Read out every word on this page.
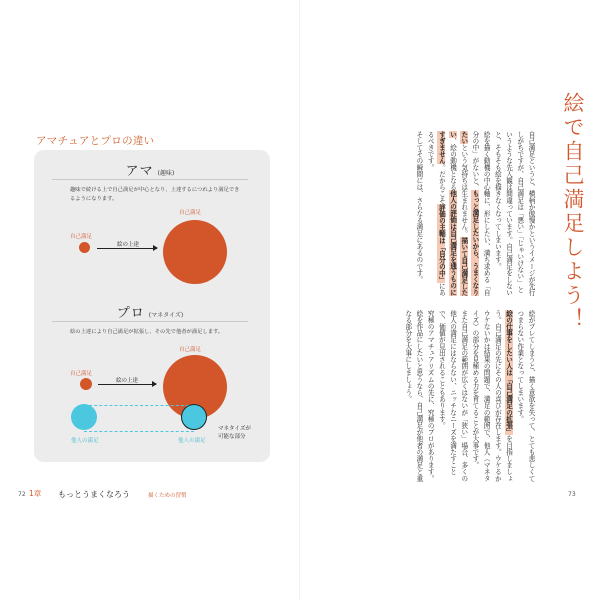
アマチュアとプロの違い
アマ (趣味)
趣味で続ける上で自己満足が中心となり、上達するにつれより満足できるようになります。
自己満足
絵の上達
自己満足
プロ (マネタイズ)
絵の上達により自己満足が拡張し、その先で他者が満足します。
自己満足
絵の上達
自己満足
他人の満足	他人の満足
マネタイズが
可能な部分
72 1章 もっとうまくなろう	描くための習慣
絵で自己満足しよう！

自己満足というと、横柄か傲慢かというイメージが先行しがちですが、自己満足は「悪い」「じゃいけない」というような先入観は間違っています。自己満足をしないと、そもそも絵を描きなくなってしまいます。

絵を描く動機の中心軸に、形にしたい、満ち求める「自分の中」がないと、もっと満足したいから、うまくなりたいという気持ちは生まれません。描いて自己満足したい、絵の動機となる他人の評価は自己満足を通うものにすぎません。だからこそ評価の主軸は「自分の中」にあるべきです。

そしてその瞬間には、さらなる満足にあるのです。

絵がプレてしまうと、描く意欲を失って、とても悲しくてつまらない作業となってしまいます。

絵の仕事をしたい人は「自己満足の拡張」を目指しましょう。自己満足の先にその人の喜びが存在します。ウケるかウケないかは結果の問題で、満足の範囲で、他人（マネタイズ）の部分を見極める力を育てることが大事です。

また自己満足の範囲が広くはないが「狭い」場合、多くの他人の満足にはならない、ニッチなニーズを満たすことで、価値が見出されることもあります。

究極のアマチュアリズムの先に、究極のプロがあります。絵を作品にしたいと思うなら、自己満足が他者の満足と重なる部分を大事にしましょう。

73
